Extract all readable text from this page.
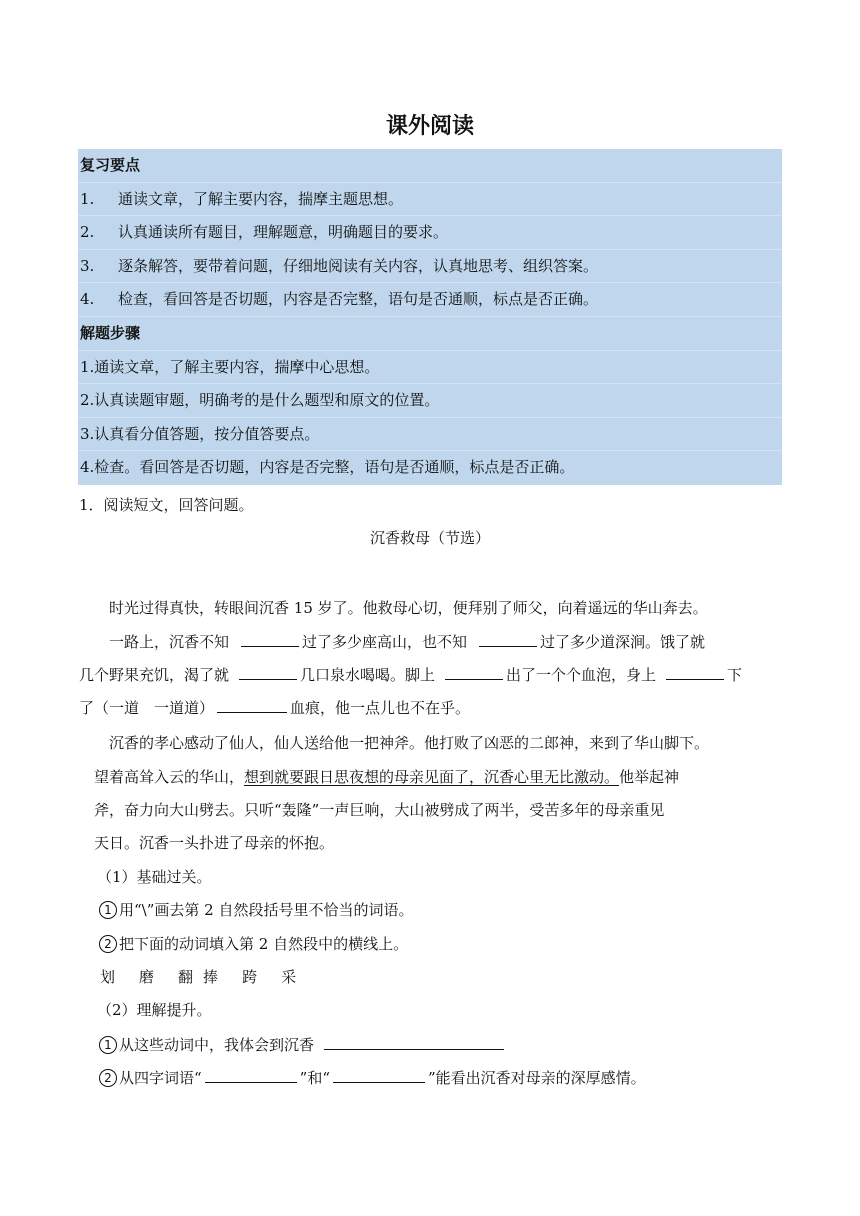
课外阅读
复习要点
1. 通读文章，了解主要内容，揣摩主题思想。
2. 认真通读所有题目，理解题意，明确题目的要求。
3. 逐条解答，要带着问题，仔细地阅读有关内容，认真地思考、组织答案。
4. 检查，看回答是否切题，内容是否完整，语句是否通顺，标点是否正确。
解题步骤
1.通读文章，了解主要内容，揣摩中心思想。
2.认真读题审题，明确考的是什么题型和原文的位置。
3.认真看分值答题，按分值答要点。
4.检查。看回答是否切题，内容是否完整，语句是否通顺，标点是否正确。
1．阅读短文，回答问题。
沉香救母（节选）
时光过得真快，转眼间沉香 15 岁了。他救母心切，便拜别了师父，向着遥远的华山奔去。
一路上，沉香不知	过了多少座高山，也不知	过了多少道深涧。饿了就
几个野果充饥，渴了就	几口泉水喝喝。脚上	出了一个个血泡，身上	下
了（一道　一道道）	血痕，他一点儿也不在乎。
沉香的孝心感动了仙人，仙人送给他一把神斧。他打败了凶恶的二郎神，来到了华山脚下。
望着高耸入云的华山，想到就要跟日思夜想的母亲见面了，沉香心里无比激动。他举起神
斧，奋力向大山劈去。只听“轰隆”一声巨响，大山被劈成了两半，受苦多年的母亲重见
天日。沉香一头扑进了母亲的怀抱。
（1）基础过关。
1 用“\”画去第 2 自然段括号里不恰当的词语。
2 把下面的动词填入第 2 自然段中的横线上。
划 磨 翻 捧 跨 采
（2）理解提升。
1 从这些动词中，我体会到沉香
2 从四字词语“	”和“	”能看出沉香对母亲的深厚感情。
